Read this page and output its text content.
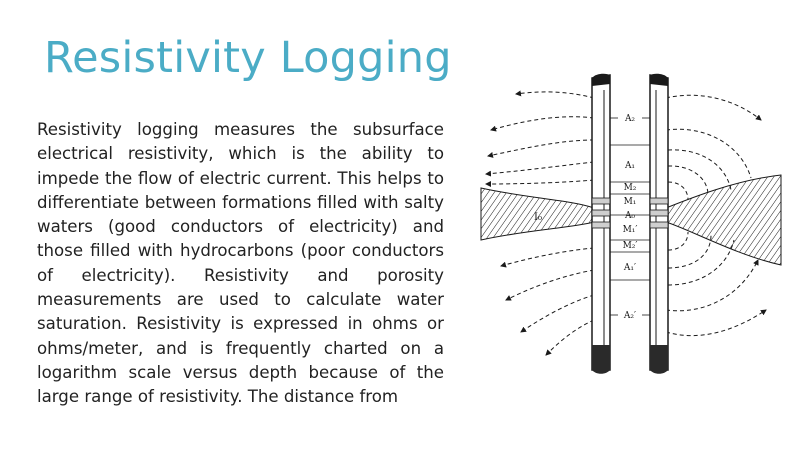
Resistivity Logging
Resistivity logging measures the subsurface electrical resistivity, which is the ability to impede the flow of electric current. This helps to differentiate between formations filled with salty waters (good conductors of electricity) and those filled with hydrocarbons (poor conductors of electricity). Resistivity and porosity measurements are used to calculate water saturation. Resistivity is expressed in ohms or ohms/meter, and is frequently charted on a logarithm scale versus depth because of the large range of resistivity. The distance from
A₂
A₁
M₂
M₁
A₀
M₁′
M₂′
A₁′
A₂′
I₀
